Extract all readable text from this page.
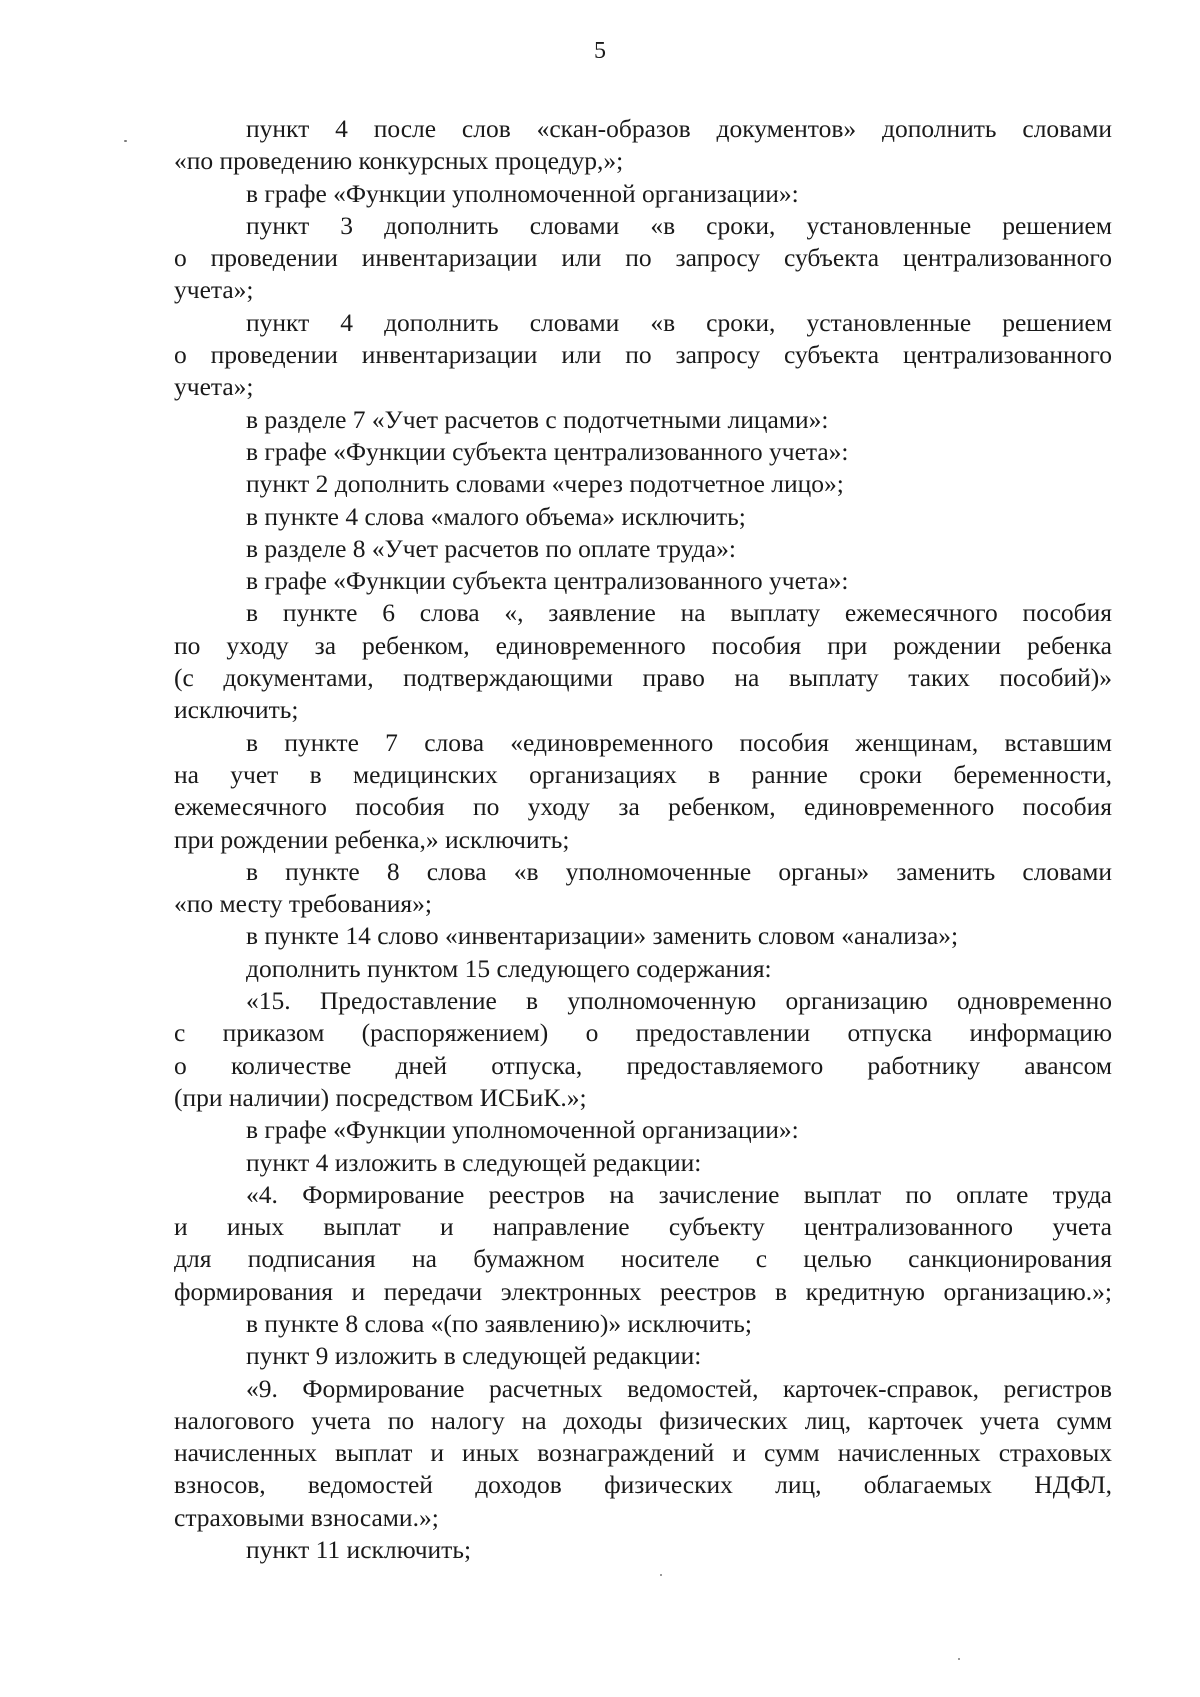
5

пункт 4 после слов «скан-образов документов» дополнить словами

«по проведению конкурсных процедур,»;

в графе «Функции уполномоченной организации»:

пункт 3 дополнить словами «в сроки, установленные решением

о проведении инвентаризации или по запросу субъекта централизованного

учета»;

пункт 4 дополнить словами «в сроки, установленные решением

о проведении инвентаризации или по запросу субъекта централизованного

учета»;

в разделе 7 «Учет расчетов с подотчетными лицами»:

в графе «Функции субъекта централизованного учета»:

пункт 2 дополнить словами «через подотчетное лицо»;

в пункте 4 слова «малого объема» исключить;

в разделе 8 «Учет расчетов по оплате труда»:

в графе «Функции субъекта централизованного учета»:

в пункте 6 слова «, заявление на выплату ежемесячного пособия

по уходу за ребенком, единовременного пособия при рождении ребенка

(с документами, подтверждающими право на выплату таких пособий)»

исключить;

в пункте 7 слова «единовременного пособия женщинам, вставшим

на учет в медицинских организациях в ранние сроки беременности,

ежемесячного пособия по уходу за ребенком, единовременного пособия

при рождении ребенка,» исключить;

в пункте 8 слова «в уполномоченные органы» заменить словами

«по месту требования»;

в пункте 14 слово «инвентаризации» заменить словом «анализа»;

дополнить пунктом 15 следующего содержания:

«15. Предоставление в уполномоченную организацию одновременно

с приказом (распоряжением) о предоставлении отпуска информацию

о количестве дней отпуска, предоставляемого работнику авансом

(при наличии) посредством ИСБиК.»;

в графе «Функции уполномоченной организации»:

пункт 4 изложить в следующей редакции:

«4. Формирование реестров на зачисление выплат по оплате труда

и иных выплат и направление субъекту централизованного учета

для подписания на бумажном носителе с целью санкционирования

формирования и передачи электронных реестров в кредитную организацию.»;

в пункте 8 слова «(по заявлению)» исключить;

пункт 9 изложить в следующей редакции:

«9. Формирование расчетных ведомостей, карточек-справок, регистров

налогового учета по налогу на доходы физических лиц, карточек учета сумм

начисленных выплат и иных вознаграждений и сумм начисленных страховых

взносов, ведомостей доходов физических лиц, облагаемых НДФЛ,

страховыми взносами.»;

пункт 11 исключить;
